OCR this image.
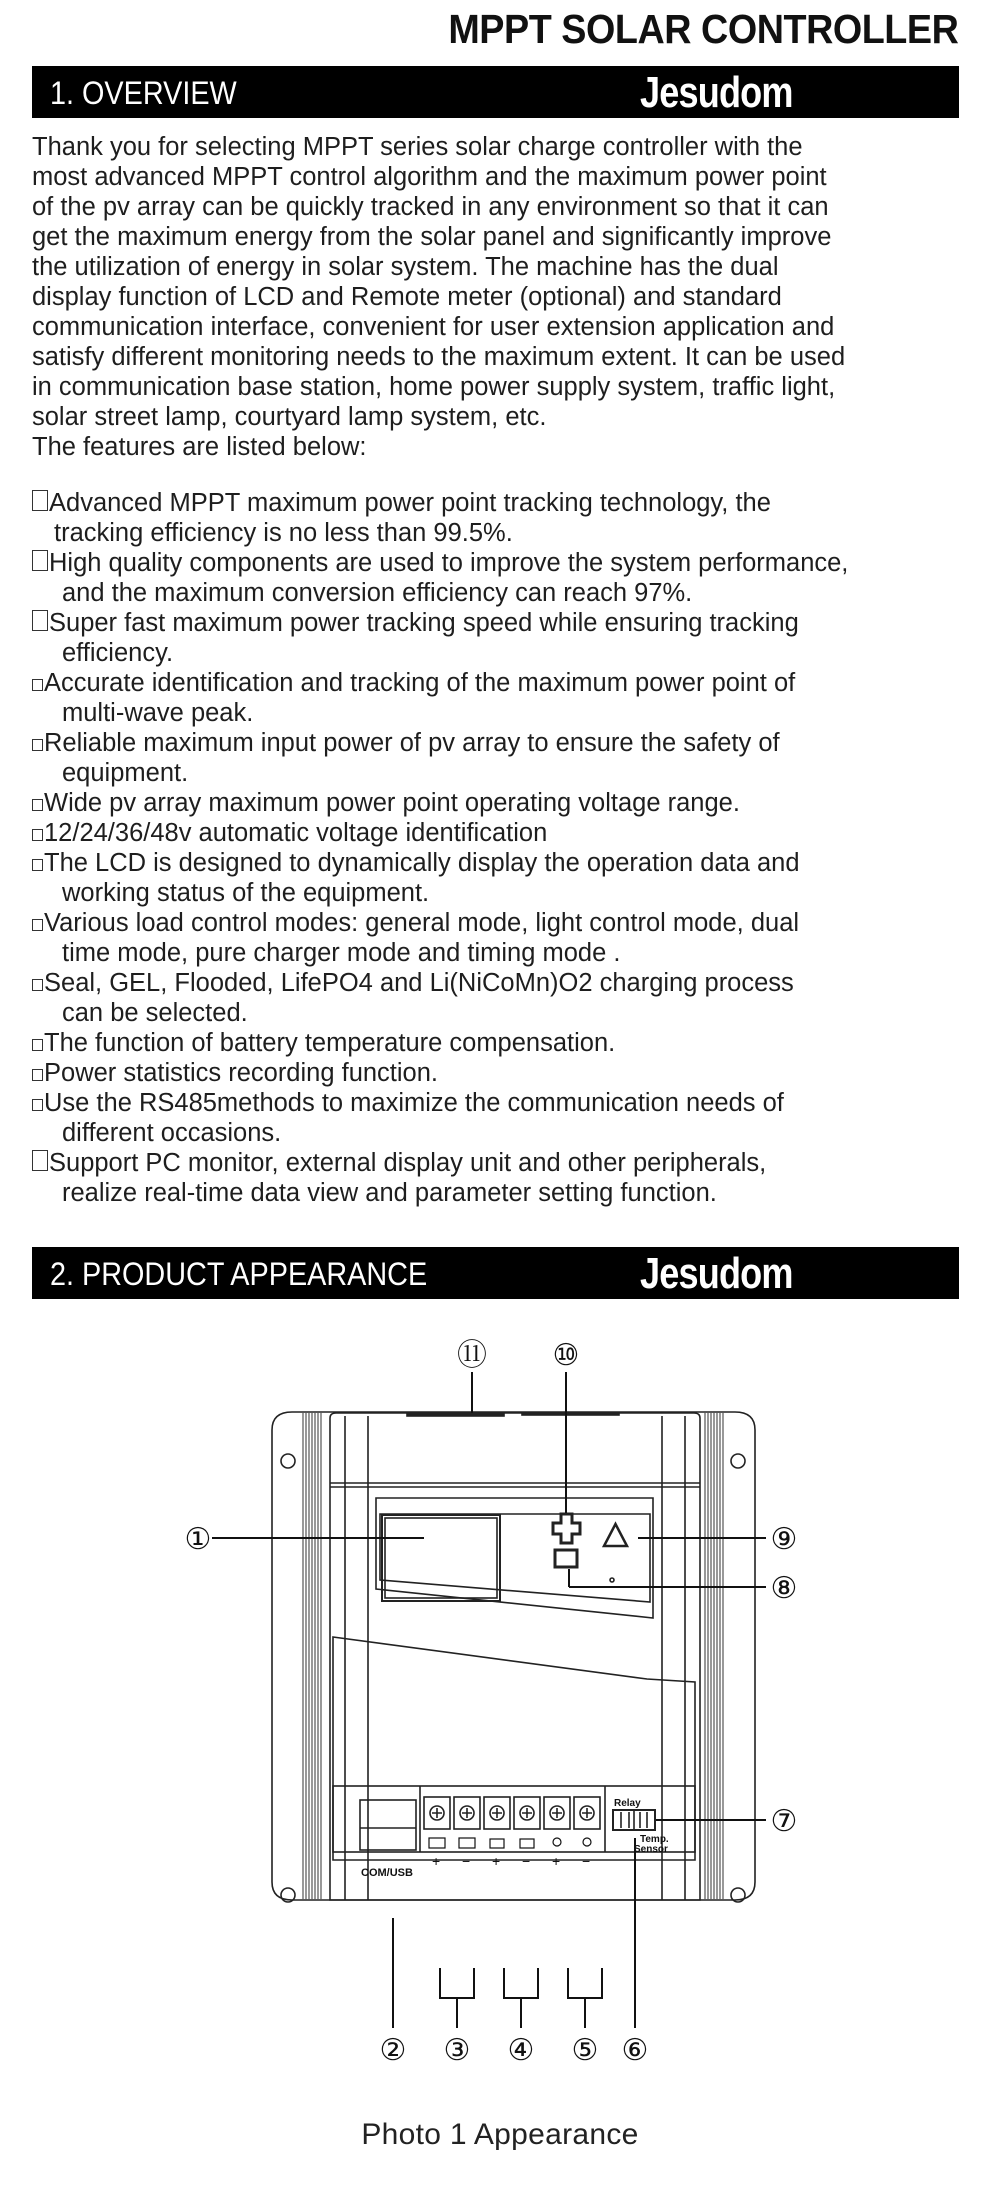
MPPT SOLAR CONTROLLER
1. OVERVIEW	Jesudom

Thank you for selecting MPPT series solar charge controller with the

most advanced MPPT control algorithm and the maximum power point

of the pv array can be quickly tracked in any environment so that it can

get the maximum energy from the solar panel and significantly improve

the utilization of energy in solar system. The machine has the dual

display function of LCD and Remote meter (optional) and standard

communication interface, convenient for user extension application and

satisfy different monitoring needs to the maximum extent. It can be used

in communication base station, home power supply system, traffic light,

solar street lamp, courtyard lamp system, etc.

The features are listed below:

Advanced MPPT maximum power point tracking technology, the
tracking efficiency is no less than 99.5%.
High quality components are used to improve the system performance,
and the maximum conversion efficiency can reach 97%.
Super fast maximum power tracking speed while ensuring tracking
efficiency.
Accurate identification and tracking of the maximum power point of
multi-wave peak.
Reliable maximum input power of pv array to ensure the safety of
equipment.
Wide pv array maximum power point operating voltage range.
12/24/36/48v automatic voltage identification
The LCD is designed to dynamically display the operation data and
working status of the equipment.
Various load control modes: general mode, light control mode, dual
time mode, pure charger mode and timing mode .
Seal, GEL, Flooded, LifePO4 and Li(NiCoMn)O2 charging process
can be selected.
The function of battery temperature compensation.
Power statistics recording function.
Use the RS485methods to maximize the communication needs of
different occasions.
Support PC monitor, external display unit and other peripherals,
realize real-time data view and parameter setting function.
2. PRODUCT APPEARANCE	Jesudom
COM/USB
Relay
Temp.
Sensor
+ − + − + −
⑪ ⑩
①	⑨
⑧
⑦
② ③ ④ ⑤ ⑥
Photo 1 Appearance
